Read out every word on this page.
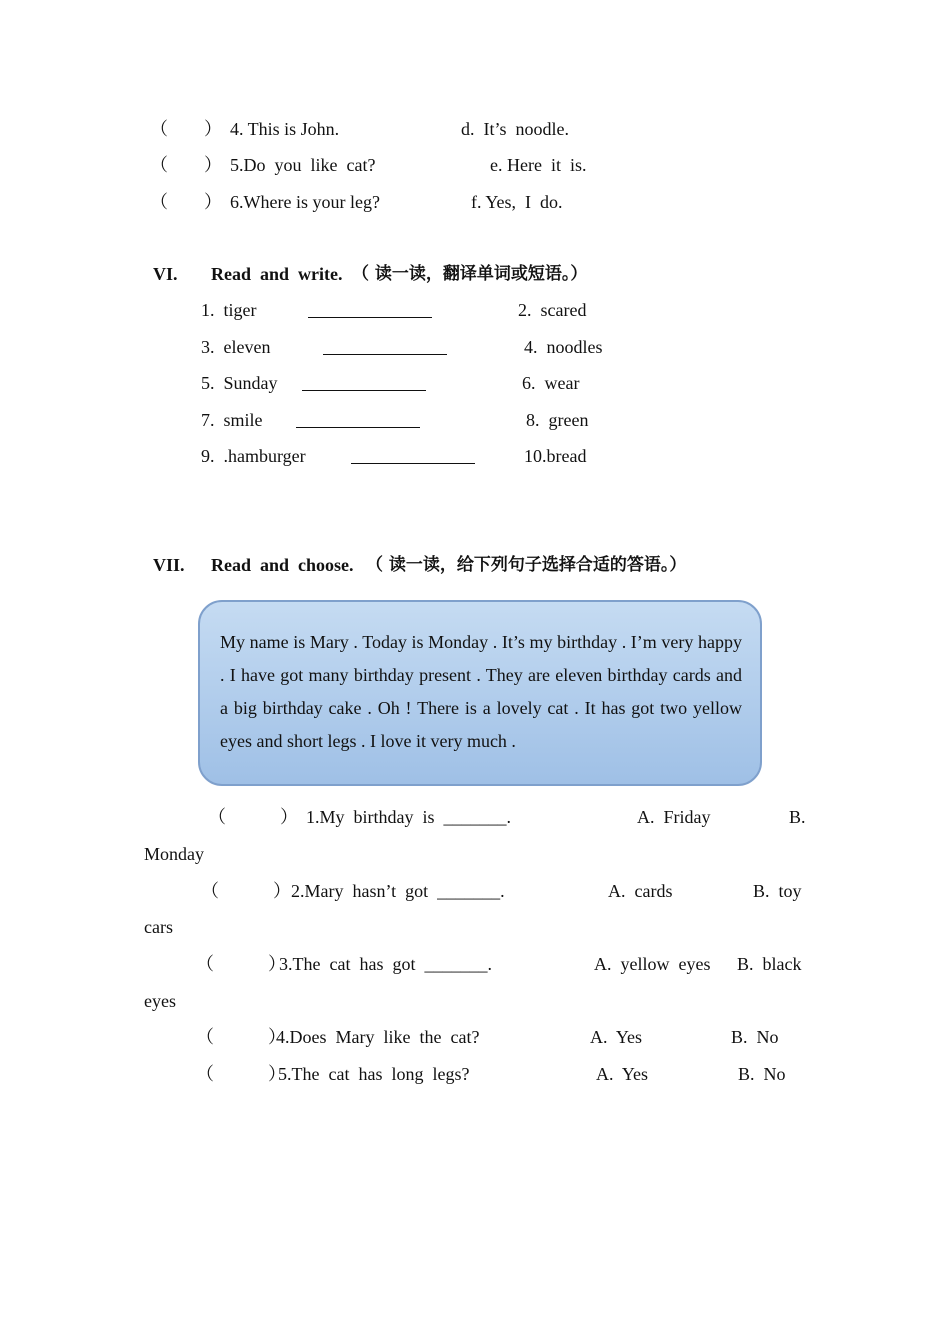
（　　） 4. This is John.	d.  It’s  noodle.
（　　） 5.Do  you  like  cat?	e. Here  it  is.
（　　） 6.Where is your leg?	f. Yes,  I  do.
VI. Read  and  write. （ 读一读，翻译单词或短语。）
1.  tiger	2.  scared
3.  eleven	4.  noodles
5.  Sunday	6.  wear
7.  smile	8.  green
9.  .hamburger	10.bread
VII. Read  and  choose. （ 读一读，给下列句子选择合适的答语。）
My name is Mary . Today is Monday . It’s my birthday . I’m very happy . I have got many birthday present . They are eleven birthday cards and a big birthday cake . Oh ! There is a lovely cat . It has got two yellow eyes and short legs . I love it very much .
（　　　） 1.My  birthday  is  _______.	A.  Friday	B.
Monday
（　　　） 2.Mary  hasn’t  got  _______.	A.  cards	B.  toy
cars
（　　　）
3.The  cat  has  got  _______.	A.  yellow  eyes B.  black
eyes
（　　　）
4.Does  Mary  like  the  cat?	A.  Yes	B.  No
（　　　）
5.The  cat  has  long  legs?	A.  Yes	B.  No
